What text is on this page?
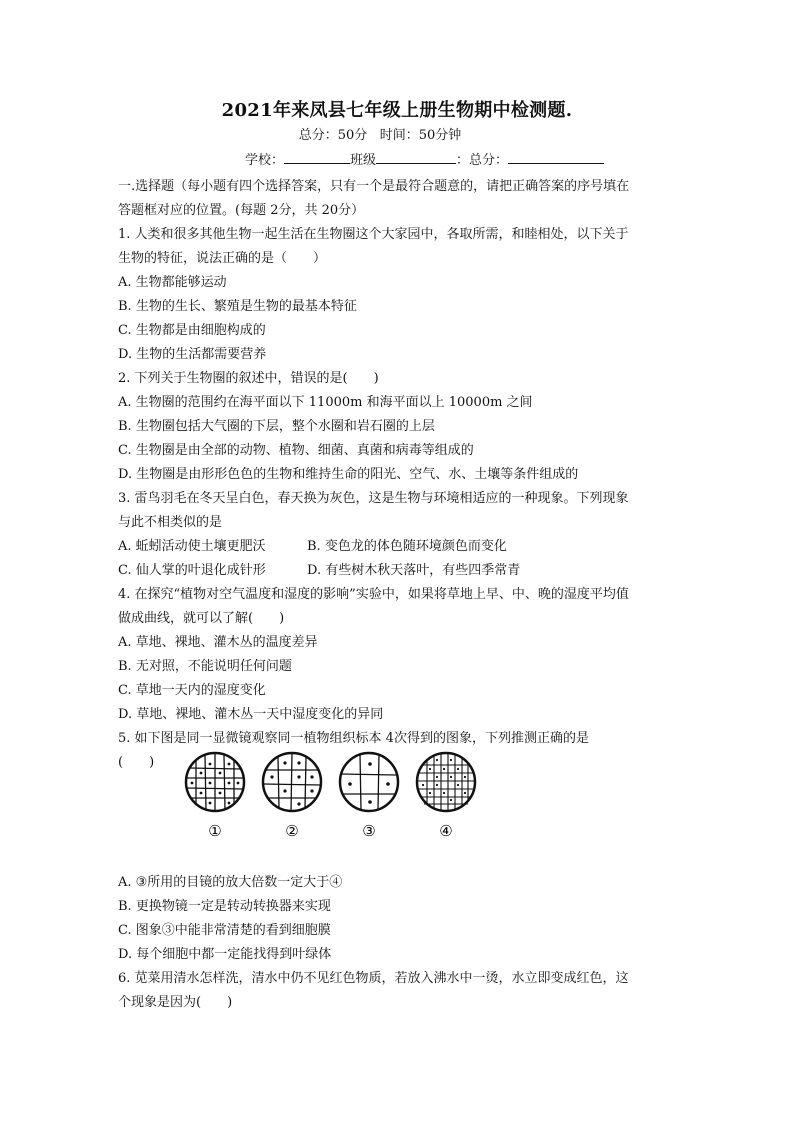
2021年来凤县七年级上册生物期中检测题.
总分：50分 时间：50分钟
学校：	班级	：总分：
一.选择题（每小题有四个选择答案，只有一个是最符合题意的，请把正确答案的序号填在
答题框对应的位置。(每题 2分，共 20分）
1. 人类和很多其他生物一起生活在生物圈这个大家园中，各取所需，和睦相处，以下关于
生物的特征，说法正确的是（　　）
A. 生物都能够运动
B. 生物的生长、繁殖是生物的最基本特征
C. 生物都是由细胞构成的
D. 生物的生活都需要营养
2. 下列关于生物圈的叙述中，错误的是(　　)
A. 生物圈的范围约在海平面以下 11000m 和海平面以上 10000m 之间
B. 生物圈包括大气圈的下层，整个水圈和岩石圈的上层
C. 生物圈是由全部的动物、植物、细菌、真菌和病毒等组成的
D. 生物圈是由形形色色的生物和维持生命的阳光、空气、水、土壤等条件组成的
3. 雷鸟羽毛在冬天呈白色，春天换为灰色，这是生物与环境相适应的一种现象。下列现象
与此不相类似的是
A. 蚯蚓活动使土壤更肥沃	B. 变色龙的体色随环境颜色而变化
C. 仙人掌的叶退化成针形	D. 有些树木秋天落叶，有些四季常青
4. 在探究“植物对空气温度和湿度的影响”实验中，如果将草地上早、中、晚的湿度平均值
做成曲线，就可以了解(　　)
A. 草地、裸地、灌木丛的温度差异
B. 无对照，不能说明任何问题
C. 草地一天内的湿度变化
D. 草地、裸地、灌木丛一天中湿度变化的异同
5. 如下图是同一显微镜观察同一植物组织标本 4次得到的图象，下列推测正确的是
(　　)
①	②	③	④
A. ③所用的目镜的放大倍数一定大于④
B. 更换物镜一定是转动转换器来实现
C. 图象③中能非常清楚的看到细胞膜
D. 每个细胞中都一定能找得到叶绿体
6. 苋菜用清水怎样洗，清水中仍不见红色物质，若放入沸水中一烫，水立即变成红色，这
个现象是因为(　　)
